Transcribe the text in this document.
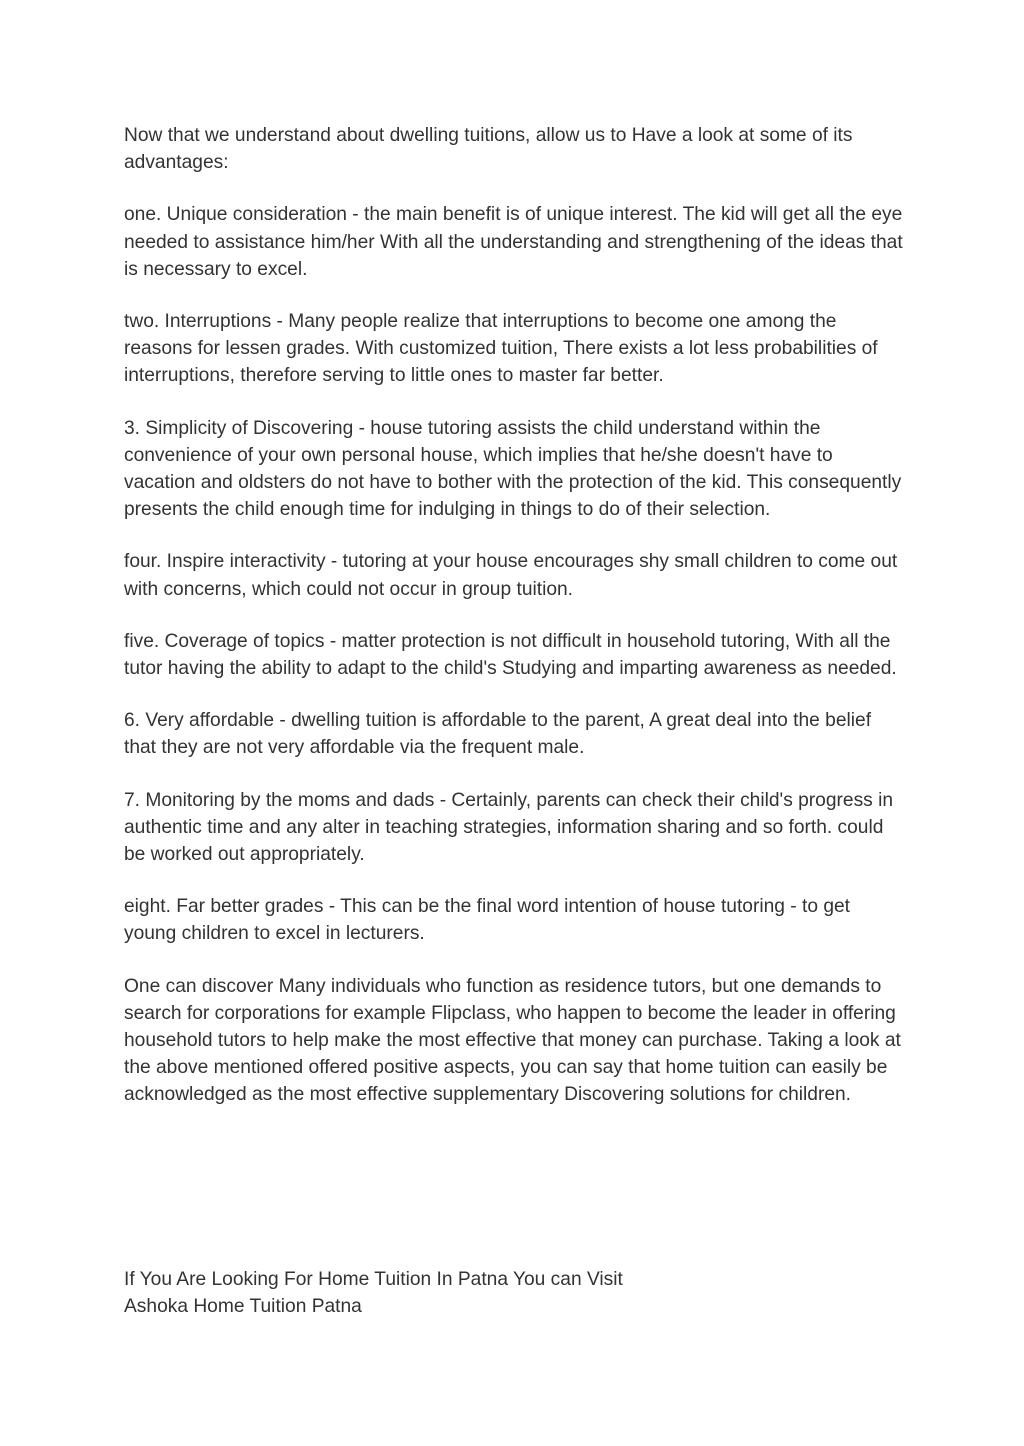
Now that we understand about dwelling tuitions, allow us to Have a look at some of its advantages:

one. Unique consideration - the main benefit is of unique interest. The kid will get all the eye needed to assistance him/her With all the understanding and strengthening of the ideas that is necessary to excel.

two. Interruptions - Many people realize that interruptions to become one among the reasons for lessen grades. With customized tuition, There exists a lot less probabilities of interruptions, therefore serving to little ones to master far better.

3. Simplicity of Discovering - house tutoring assists the child understand within the convenience of your own personal house, which implies that he/she doesn't have to vacation and oldsters do not have to bother with the protection of the kid. This consequently presents the child enough time for indulging in things to do of their selection.

four. Inspire interactivity - tutoring at your house encourages shy small children to come out with concerns, which could not occur in group tuition.

five. Coverage of topics - matter protection is not difficult in household tutoring, With all the tutor having the ability to adapt to the child's Studying and imparting awareness as needed.

6. Very affordable - dwelling tuition is affordable to the parent, A great deal into the belief that they are not very affordable via the frequent male.

7. Monitoring by the moms and dads - Certainly, parents can check their child's progress in authentic time and any alter in teaching strategies, information sharing and so forth. could be worked out appropriately.

eight. Far better grades - This can be the final word intention of house tutoring - to get young children to excel in lecturers.

One can discover Many individuals who function as residence tutors, but one demands to search for corporations for example Flipclass, who happen to become the leader in offering household tutors to help make the most effective that money can purchase. Taking a look at the above mentioned offered positive aspects, you can say that home tuition can easily be acknowledged as the most effective supplementary Discovering solutions for children.

If You Are Looking For Home Tuition In Patna You can Visit
Ashoka Home Tuition Patna
